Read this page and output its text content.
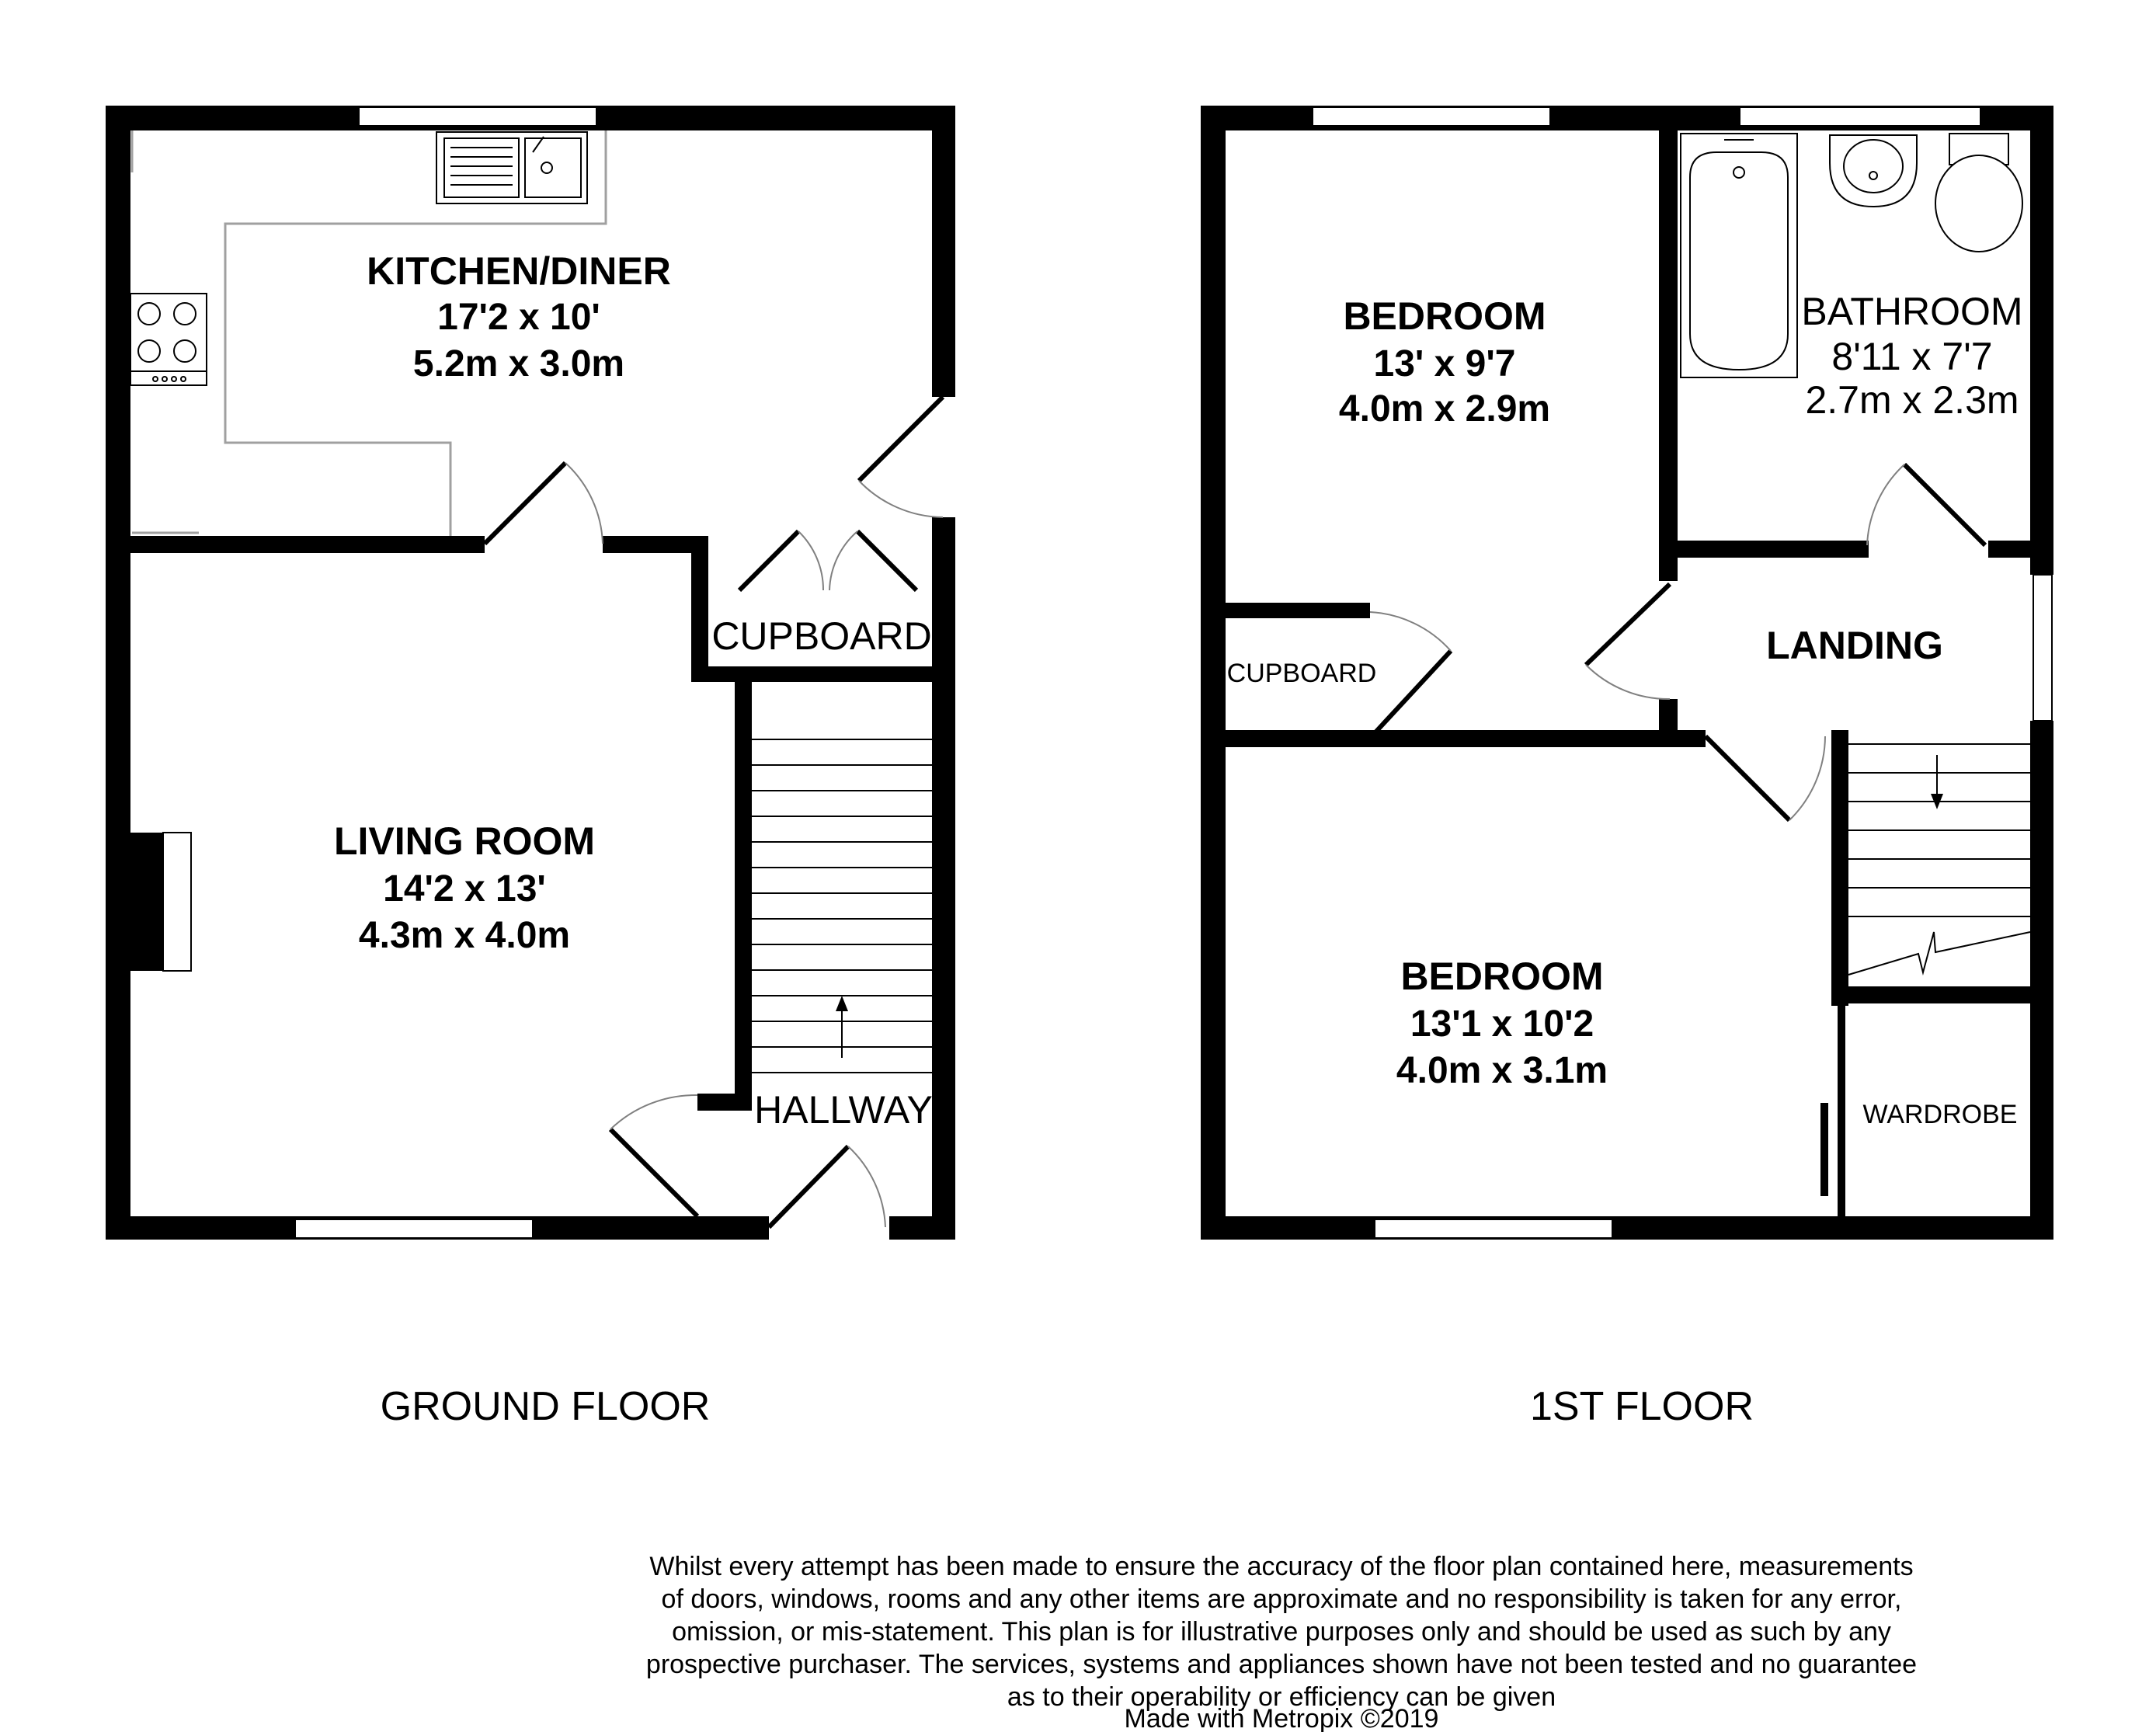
KITCHEN/DINER
17'2 x 10'
5.2m x 3.0m
LIVING ROOM
14'2 x 13'
4.3m x 4.0m
CUPBOARD
HALLWAY
BEDROOM
13' x 9'7
4.0m x 2.9m
BATHROOM
8'11 x 7'7
2.7m x 2.3m
LANDING
CUPBOARD
BEDROOM
13'1 x 10'2
4.0m x 3.1m
WARDROBE
GROUND FLOOR	1ST FLOOR
Whilst every attempt has been made to ensure the accuracy of the floor plan contained here, measurements
of doors, windows, rooms and any other items are approximate and no responsibility is taken for any error,
omission, or mis-statement. This plan is for illustrative purposes only and should be used as such by any
prospective purchaser. The services, systems and appliances shown have not been tested and no guarantee
as to their operability or efficiency can be given
Made with Metropix ©2019
